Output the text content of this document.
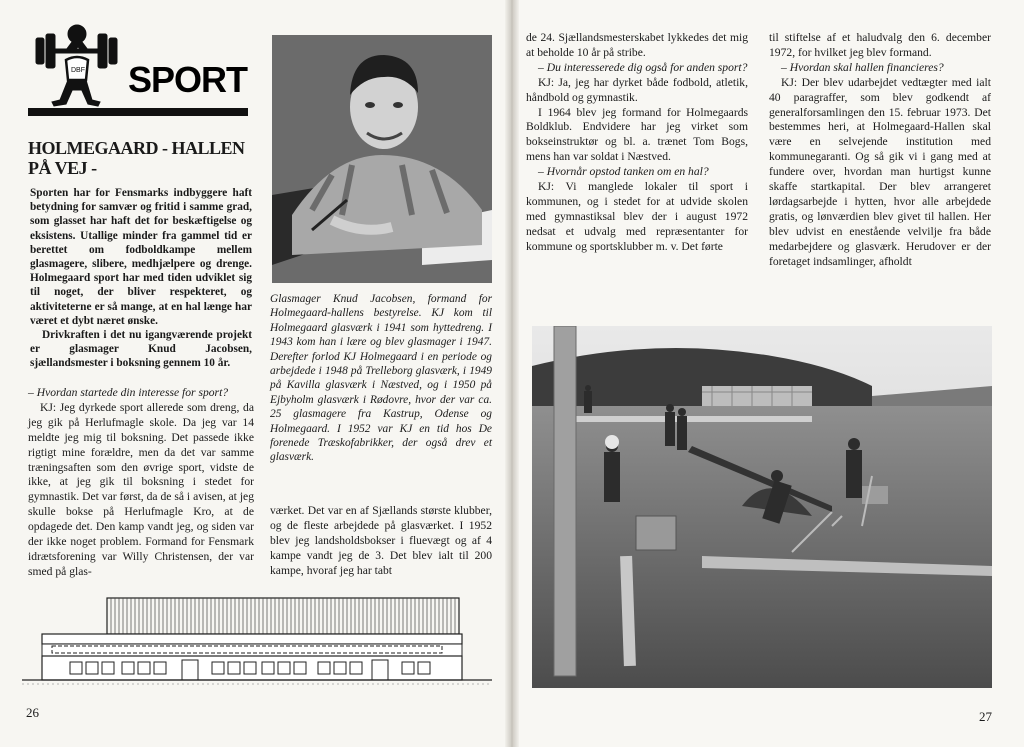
DBF SPORT
HOLMEGAARD - HALLEN PÅ VEJ -

Sporten har for Fensmarks indbyggere haft betydning for samvær og fritid i samme grad, som glasset har haft det for beskæftigelse og eksistens. Utallige minder fra gammel tid er berettet om fodboldkampe mellem glasmagere, slibere, medhjælpere og drenge. Holmegaard sport har med tiden udviklet sig til noget, der bliver respekteret, og aktiviteterne er så mange, at en hal længe har været et dybt næret ønske.

Drivkraften i det nu igangværende projekt er glasmager Knud Jacobsen, sjællandsmester i boksning gennem 10 år.

– Hvordan startede din interesse for sport?

KJ: Jeg dyrkede sport allerede som dreng, da jeg gik på Herlufmagle skole. Da jeg var 14 meldte jeg mig til boksning. Det passede ikke rigtigt mine forældre, men da det var samme træningsaften som den øvrige sport, vidste de ikke, at jeg gik til boksning i stedet for gymnastik. Det var først, da de så i avisen, at jeg skulle bokse på Herlufmagle Kro, at de opdagede det. Den kamp vandt jeg, og siden var der ikke noget problem. Formand for Fensmark idrætsforening var Willy Christensen, der var smed på glas-

Glasmager Knud Jacobsen, formand for Holmegaard-hallens bestyrelse. KJ kom til Holmegaard glasværk i 1941 som hyttedreng. I 1943 kom han i lære og blev glasmager i 1947. Derefter forlod KJ Holmegaard i en periode og arbejdede i 1948 på Trelleborg glasværk, i 1949 på Kavilla glasværk i Næstved, og i 1950 på Ejbyholm glasværk i Rødovre, hvor der var ca. 25 glasmagere fra Kastrup, Odense og Holmegaard. I 1952 var KJ en tid hos De forenede Træskofabrikker, der også drev et glasværk.

værket. Det var en af Sjællands største klubber, og de fleste arbejdede på glasværket. I 1952 blev jeg landsholdsbokser i fluevægt og af 4 kampe vandt jeg de 3. Det blev ialt til 200 kampe, hvoraf jeg har tabt

26

de 24. Sjællandsmesterskabet lykkedes det mig at beholde 10 år på stribe.

– Du interesserede dig også for anden sport?

KJ: Ja, jeg har dyrket både fodbold, atletik, håndbold og gymnastik.

I 1964 blev jeg formand for Holmegaards Boldklub. Endvidere har jeg virket som bokseinstruktør og bl. a. trænet Tom Bogs, mens han var soldat i Næstved.

– Hvornår opstod tanken om en hal?

KJ: Vi manglede lokaler til sport i kommunen, og i stedet for at udvide skolen med gymnastiksal blev der i august 1972 nedsat et udvalg med repræsentanter for kommune og sportsklubber m. v. Det førte

til stiftelse af et haludvalg den 6. december 1972, for hvilket jeg blev formand.

– Hvordan skal hallen financieres?

KJ: Der blev udarbejdet vedtægter med ialt 40 paragraffer, som blev godkendt af generalforsamlingen den 15. februar 1973. Det bestemmes heri, at Holmegaard-Hallen skal være en selvejende institution med kommunegaranti. Og så gik vi i gang med at fundere over, hvordan man hurtigst kunne skaffe startkapital. Der blev arrangeret lørdagsarbejde i hytten, hvor alle arbejdede gratis, og lønværdien blev givet til hallen. Her blev udvist en enestående velvilje fra både medarbejdere og glasværk. Herudover er der foretaget indsamlinger, afholdt

27
